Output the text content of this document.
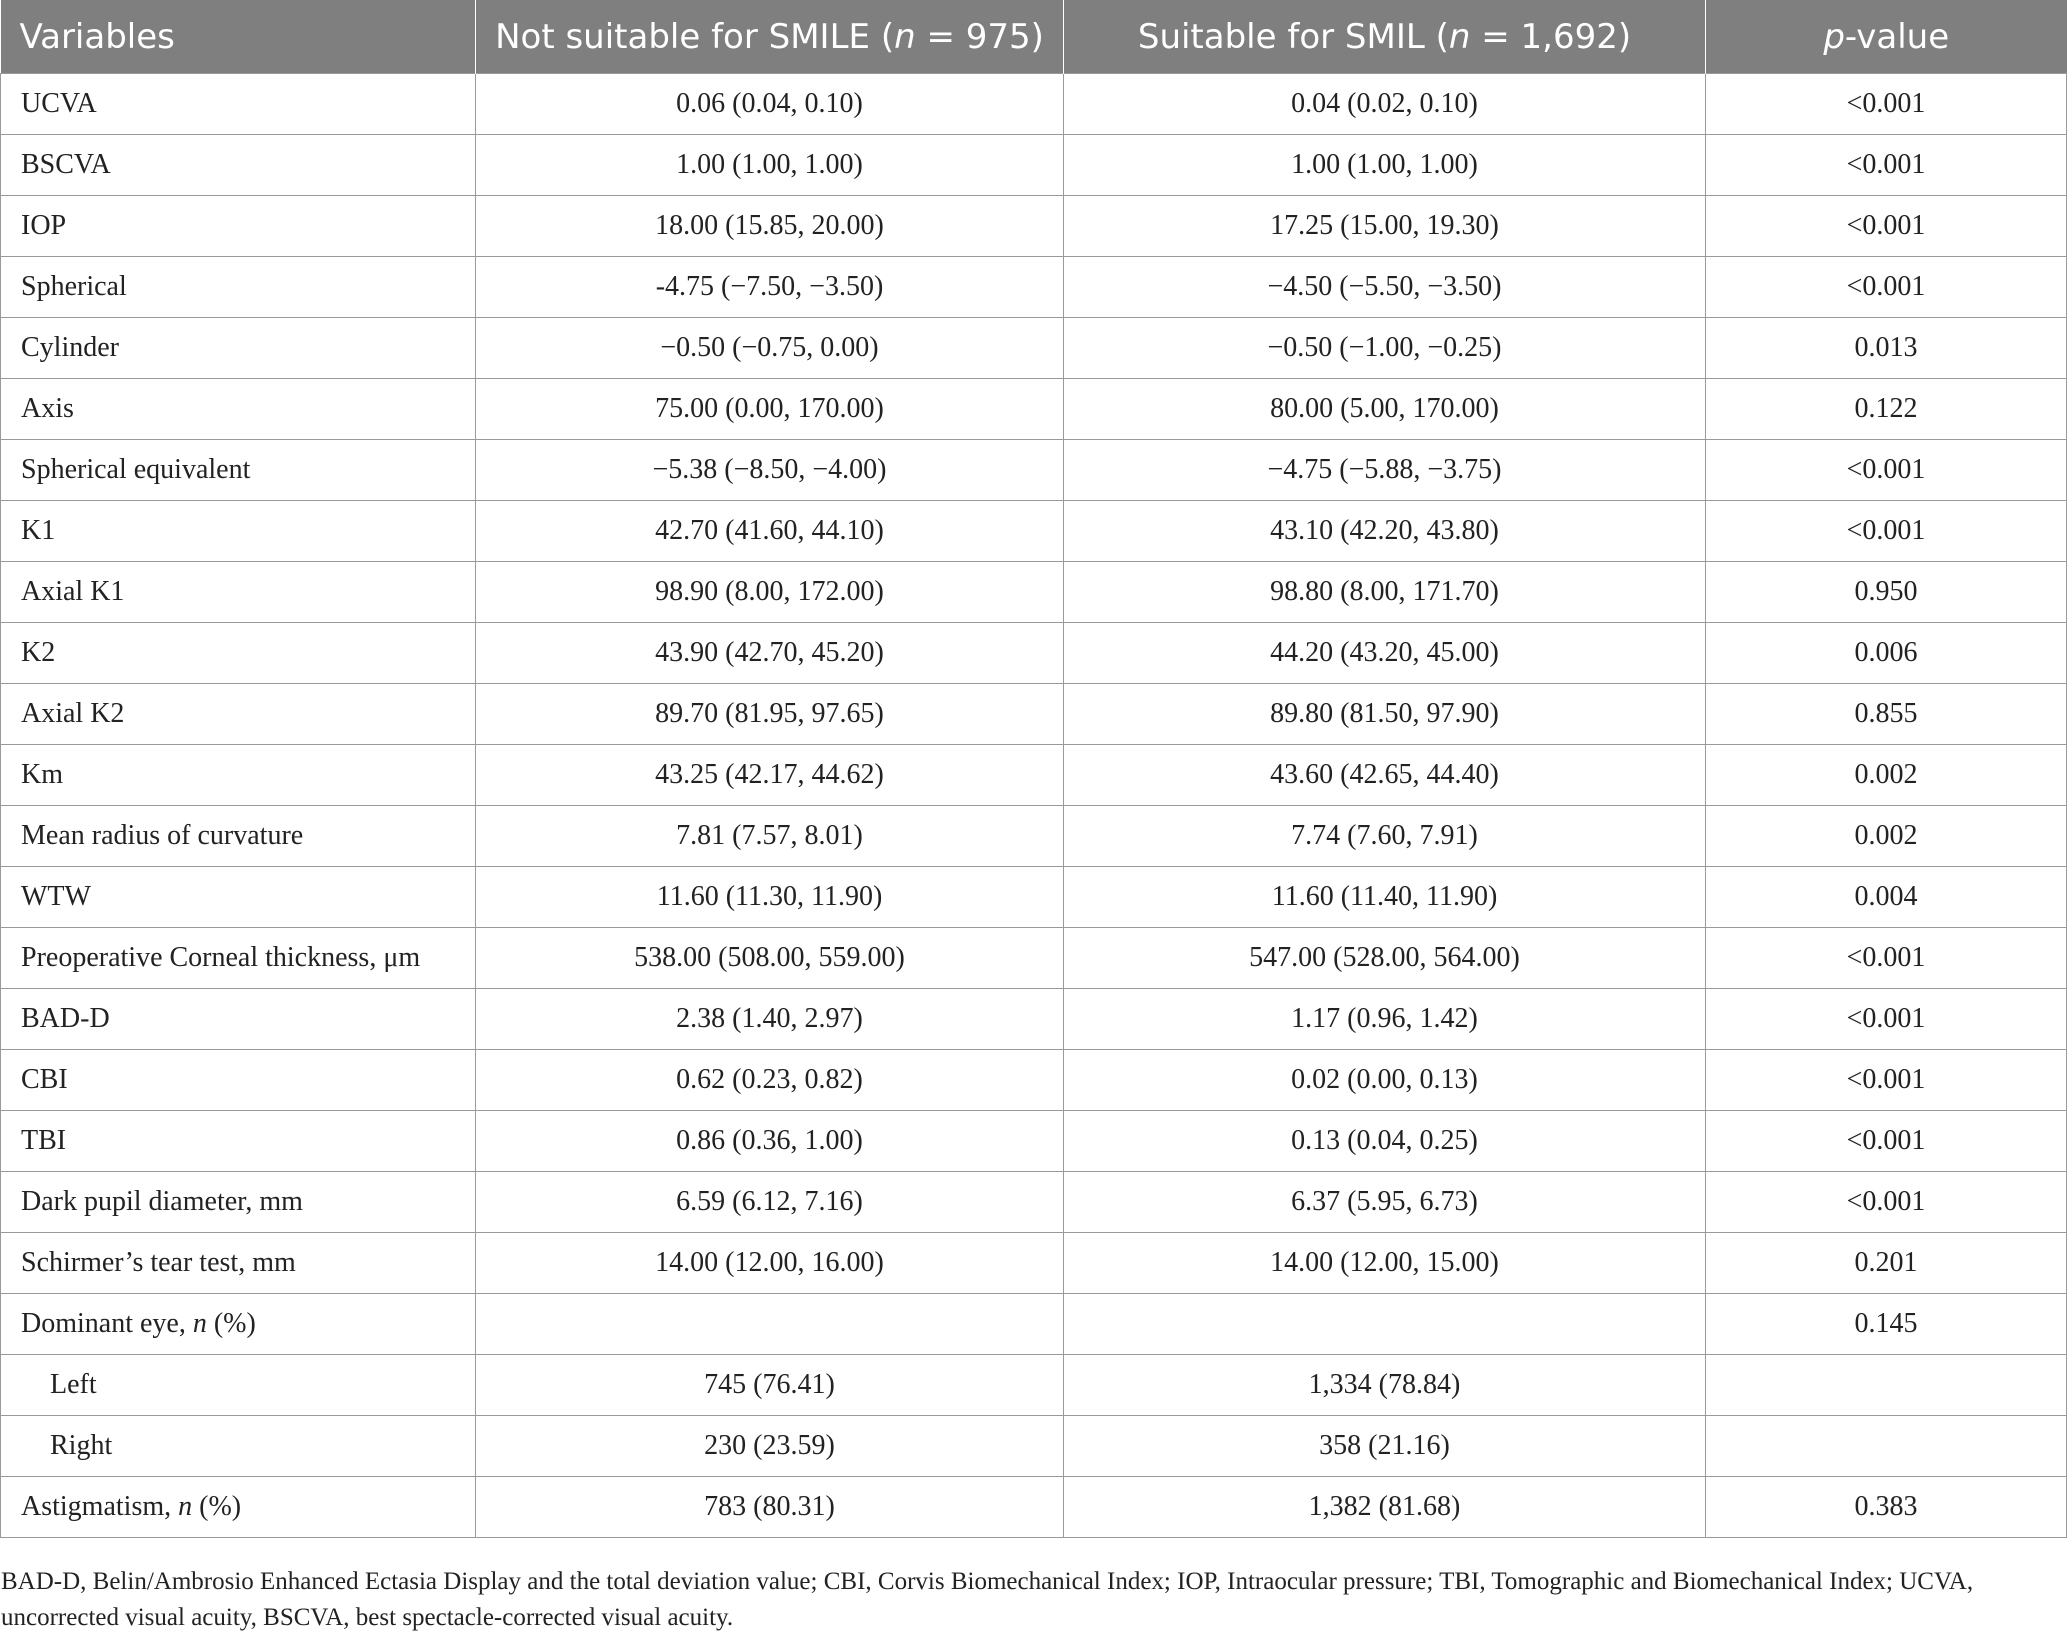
Variables	Not suitable for SMILE (n = 975)	Suitable for SMIL (n = 1,692)	p-value
UCVA	0.06 (0.04, 0.10)	0.04 (0.02, 0.10)	<0.001
BSCVA	1.00 (1.00, 1.00)	1.00 (1.00, 1.00)	<0.001
IOP	18.00 (15.85, 20.00)	17.25 (15.00, 19.30)	<0.001
Spherical	-4.75 (−7.50, −3.50)	−4.50 (−5.50, −3.50)	<0.001
Cylinder	−0.50 (−0.75, 0.00)	−0.50 (−1.00, −0.25)	0.013
Axis	75.00 (0.00, 170.00)	80.00 (5.00, 170.00)	0.122
Spherical equivalent	−5.38 (−8.50, −4.00)	−4.75 (−5.88, −3.75)	<0.001
K1	42.70 (41.60, 44.10)	43.10 (42.20, 43.80)	<0.001
Axial K1	98.90 (8.00, 172.00)	98.80 (8.00, 171.70)	0.950
K2	43.90 (42.70, 45.20)	44.20 (43.20, 45.00)	0.006
Axial K2	89.70 (81.95, 97.65)	89.80 (81.50, 97.90)	0.855
Km	43.25 (42.17, 44.62)	43.60 (42.65, 44.40)	0.002
Mean radius of curvature	7.81 (7.57, 8.01)	7.74 (7.60, 7.91)	0.002
WTW	11.60 (11.30, 11.90)	11.60 (11.40, 11.90)	0.004
Preoperative Corneal thickness, μm	538.00 (508.00, 559.00)	547.00 (528.00, 564.00)	<0.001
BAD-D	2.38 (1.40, 2.97)	1.17 (0.96, 1.42)	<0.001
CBI	0.62 (0.23, 0.82)	0.02 (0.00, 0.13)	<0.001
TBI	0.86 (0.36, 1.00)	0.13 (0.04, 0.25)	<0.001
Dark pupil diameter, mm	6.59 (6.12, 7.16)	6.37 (5.95, 6.73)	<0.001
Schirmer’s tear test, mm	14.00 (12.00, 16.00)	14.00 (12.00, 15.00)	0.201
Dominant eye, n (%)			0.145
Left	745 (76.41)	1,334 (78.84)	
Right	230 (23.59)	358 (21.16)	
Astigmatism, n (%)	783 (80.31)	1,382 (81.68)	0.383
BAD-D, Belin/Ambrosio Enhanced Ectasia Display and the total deviation value; CBI, Corvis Biomechanical Index; IOP, Intraocular pressure; TBI, Tomographic and Biomechanical Index; UCVA, uncorrected visual acuity, BSCVA, best spectacle-corrected visual acuity.
